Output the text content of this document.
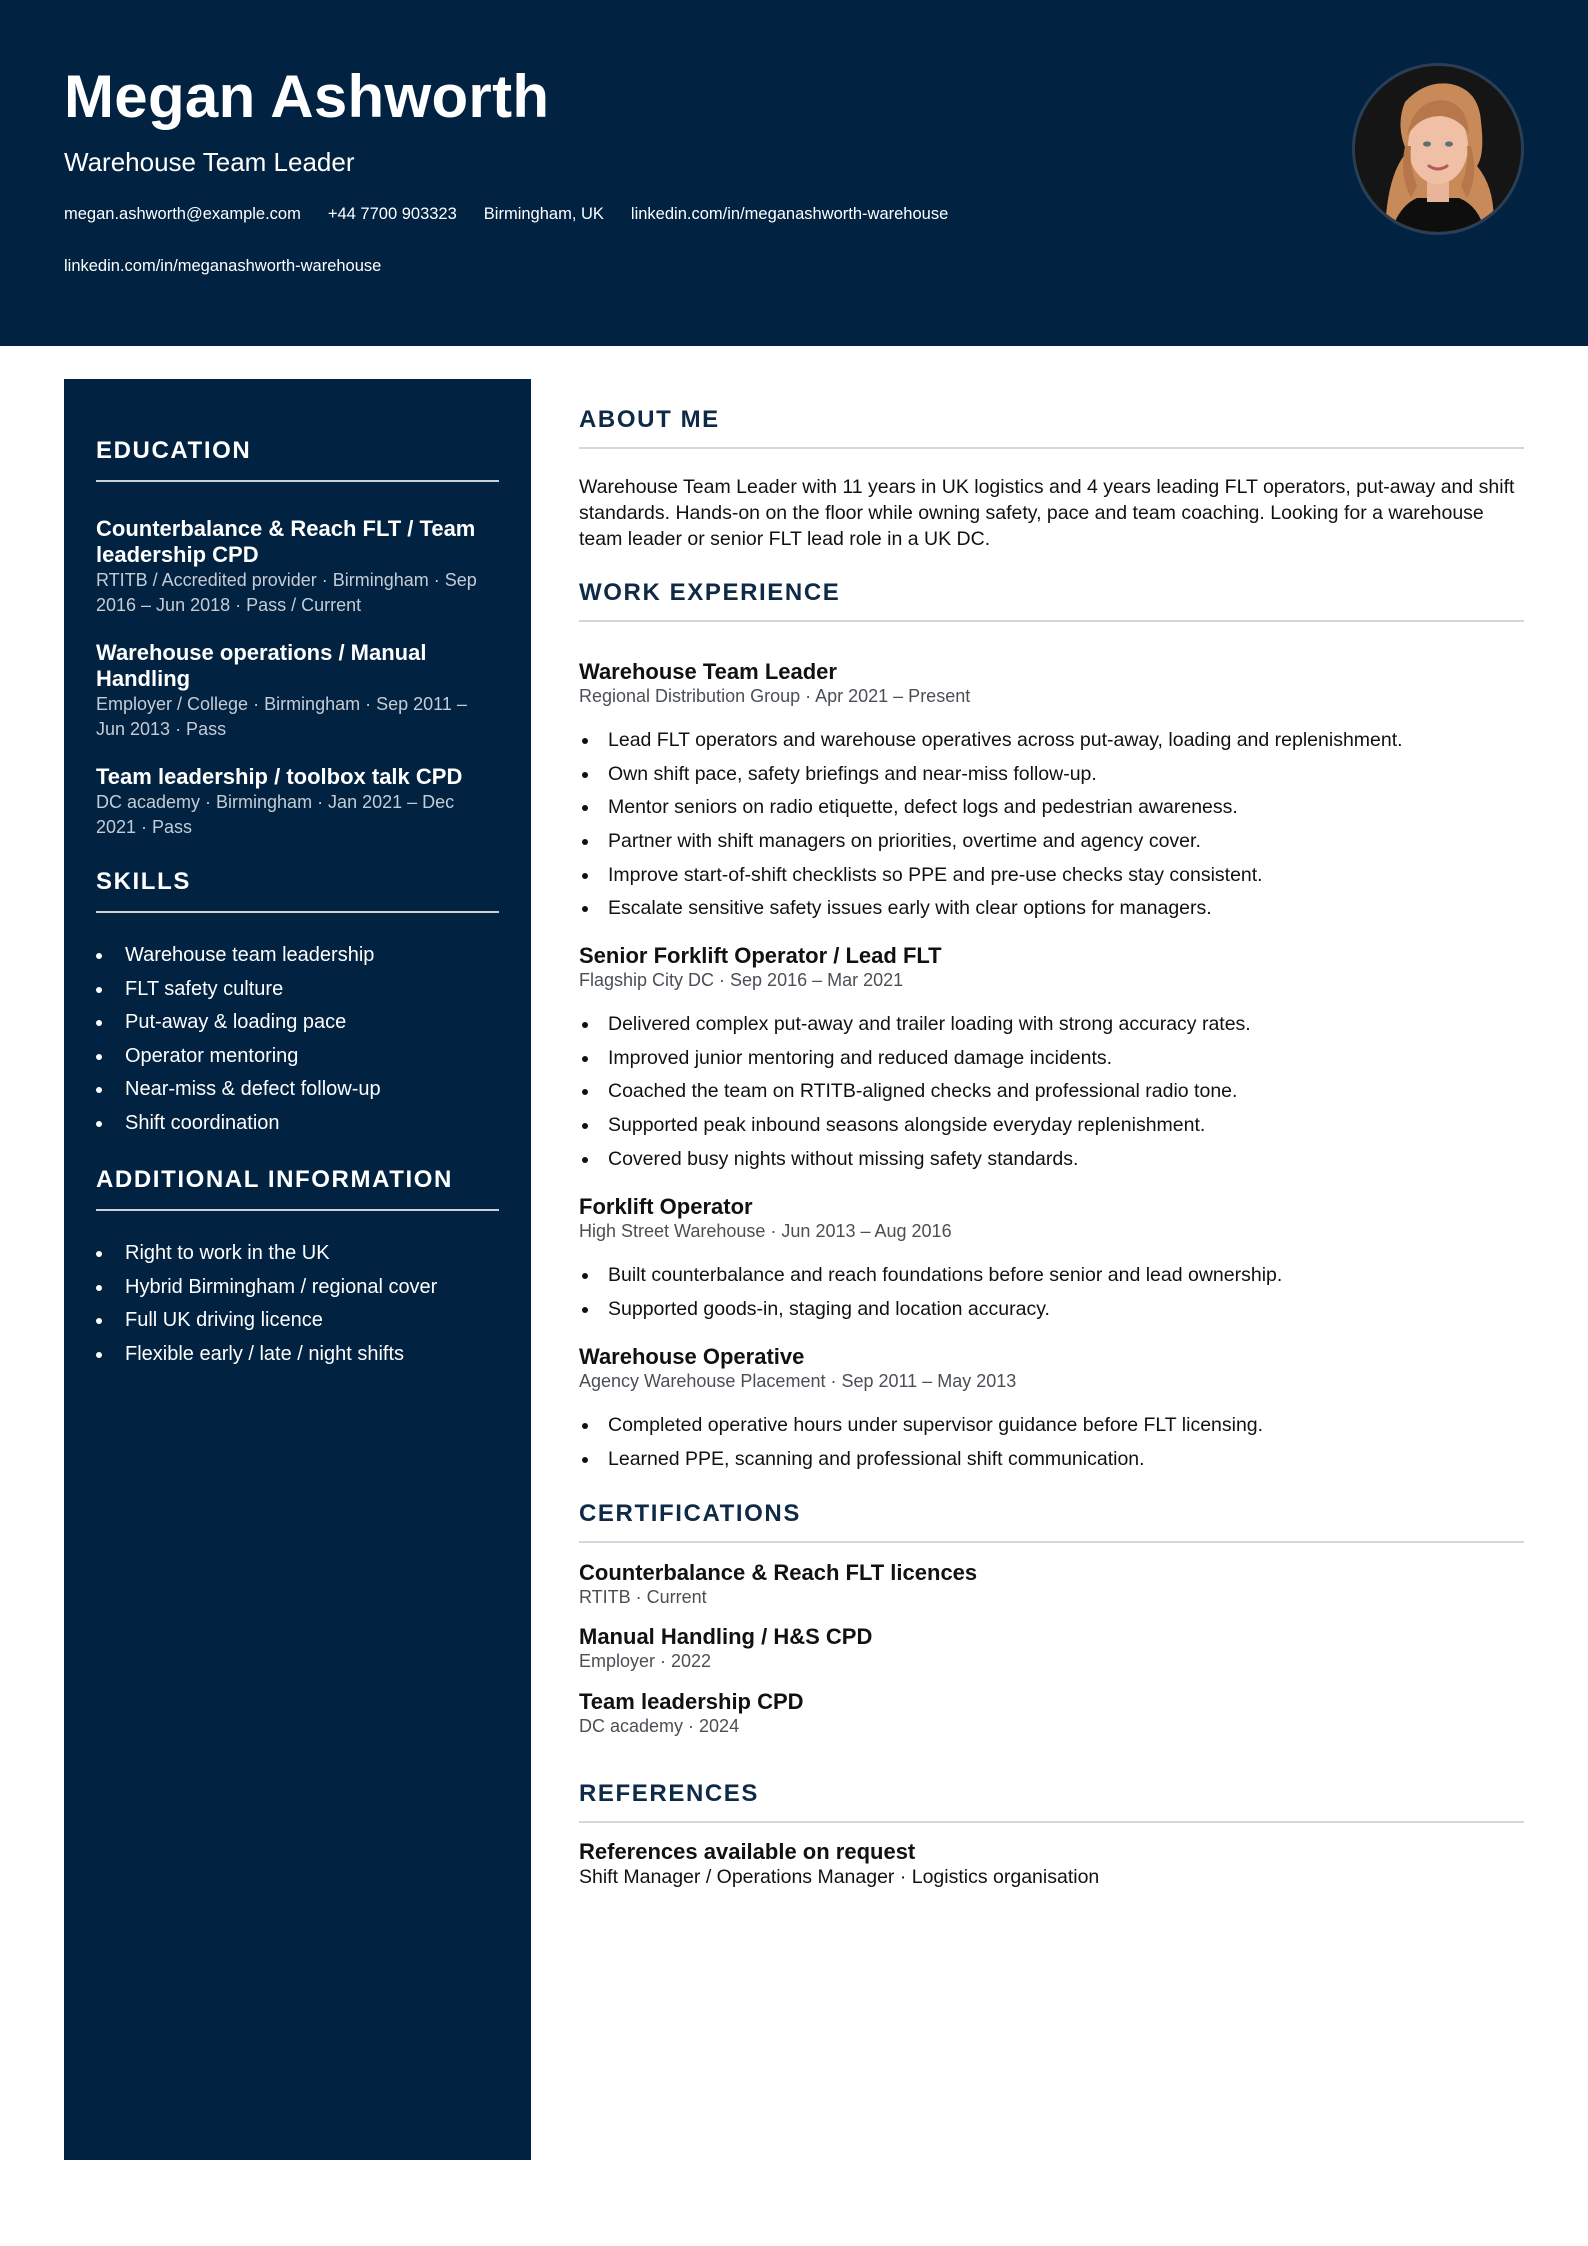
Megan Ashworth
Warehouse Team Leader
megan.ashworth@example.com +44 7700 903323 Birmingham, UK linkedin.com/in/meganashworth-warehouse
linkedin.com/in/meganashworth-warehouse
EDUCATION
Counterbalance & Reach FLT / Team leadership CPD
RTITB / Accredited provider · Birmingham · Sep 2016 – Jun 2018 · Pass / Current
Warehouse operations / Manual Handling
Employer / College · Birmingham · Sep 2011 – Jun 2013 · Pass
Team leadership / toolbox talk CPD
DC academy · Birmingham · Jan 2021 – Dec 2021 · Pass
SKILLS
Warehouse team leadership
FLT safety culture
Put-away & loading pace
Operator mentoring
Near-miss & defect follow-up
Shift coordination
ADDITIONAL INFORMATION
Right to work in the UK
Hybrid Birmingham / regional cover
Full UK driving licence
Flexible early / late / night shifts
ABOUT ME
Warehouse Team Leader with 11 years in UK logistics and 4 years leading FLT operators, put-away and shift standards. Hands-on on the floor while owning safety, pace and team coaching. Looking for a warehouse team leader or senior FLT lead role in a UK DC.
WORK EXPERIENCE
Warehouse Team Leader
Regional Distribution Group · Apr 2021 – Present
Lead FLT operators and warehouse operatives across put-away, loading and replenishment.
Own shift pace, safety briefings and near-miss follow-up.
Mentor seniors on radio etiquette, defect logs and pedestrian awareness.
Partner with shift managers on priorities, overtime and agency cover.
Improve start-of-shift checklists so PPE and pre-use checks stay consistent.
Escalate sensitive safety issues early with clear options for managers.
Senior Forklift Operator / Lead FLT
Flagship City DC · Sep 2016 – Mar 2021
Delivered complex put-away and trailer loading with strong accuracy rates.
Improved junior mentoring and reduced damage incidents.
Coached the team on RTITB-aligned checks and professional radio tone.
Supported peak inbound seasons alongside everyday replenishment.
Covered busy nights without missing safety standards.
Forklift Operator
High Street Warehouse · Jun 2013 – Aug 2016
Built counterbalance and reach foundations before senior and lead ownership.
Supported goods-in, staging and location accuracy.
Warehouse Operative
Agency Warehouse Placement · Sep 2011 – May 2013
Completed operative hours under supervisor guidance before FLT licensing.
Learned PPE, scanning and professional shift communication.
CERTIFICATIONS
Counterbalance & Reach FLT licences
RTITB · Current
Manual Handling / H&S CPD
Employer · 2022
Team leadership CPD
DC academy · 2024
REFERENCES
References available on request
Shift Manager / Operations Manager · Logistics organisation
